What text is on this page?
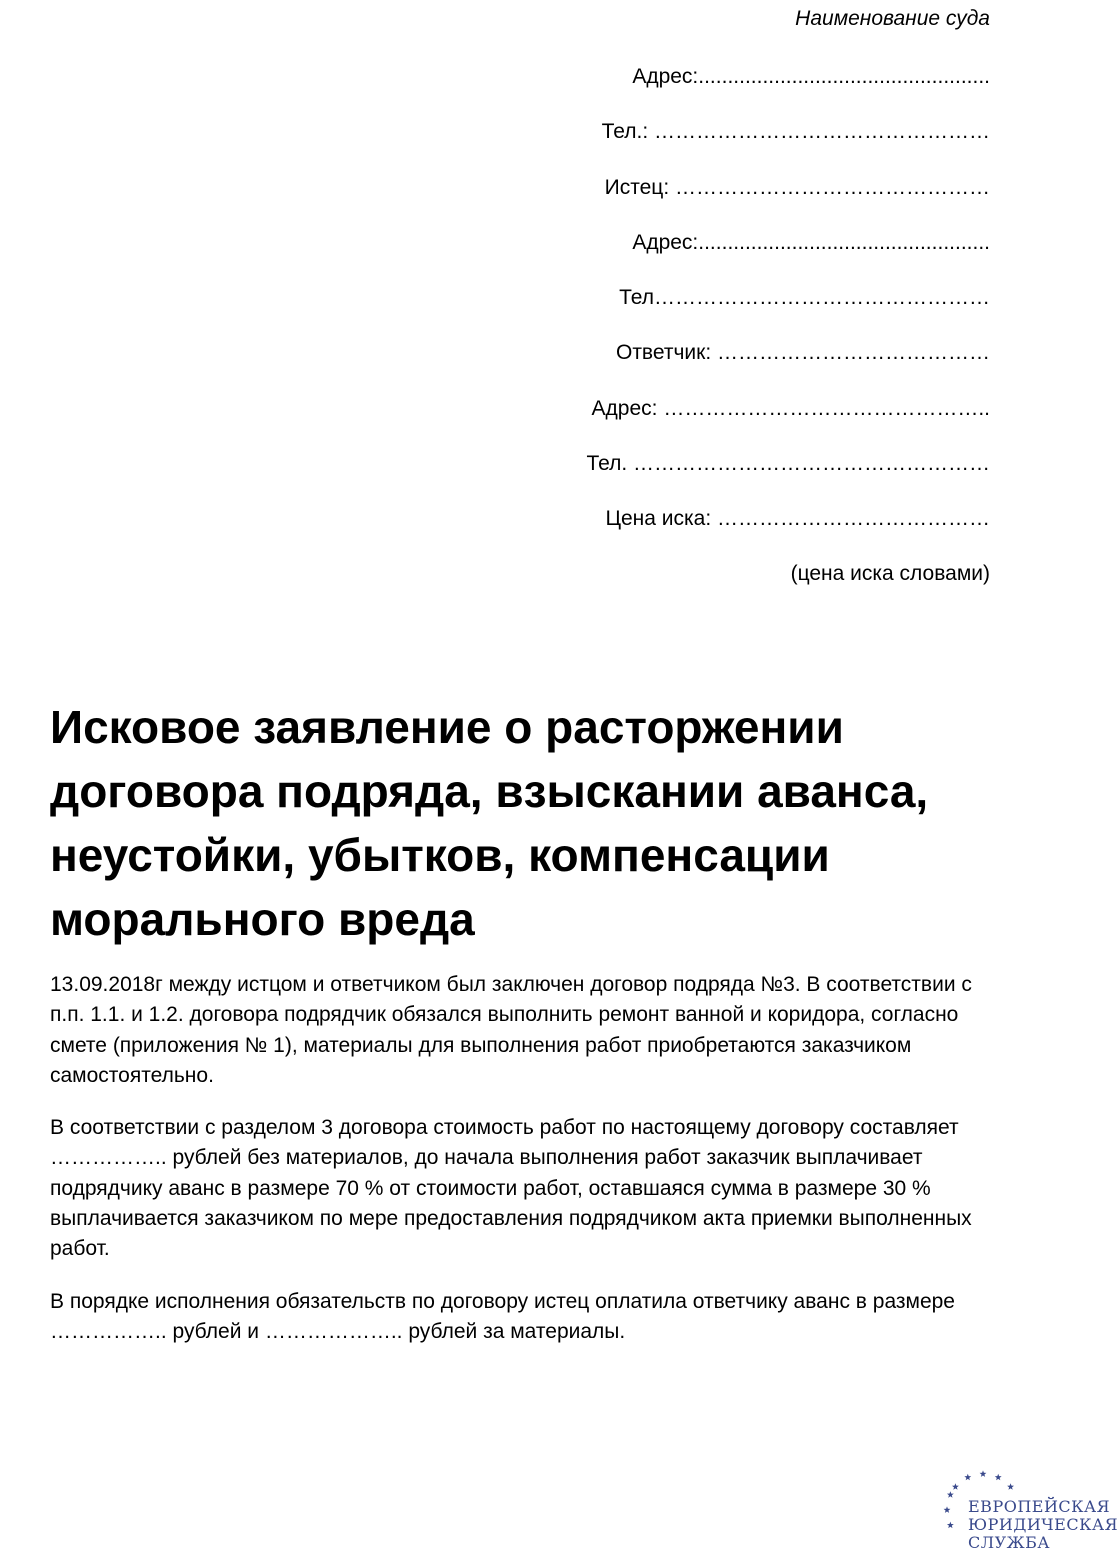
Наименование суда
Адрес:..................................................
Тел.: …………………………………………
Истец: ………………………………………
Адрес:..................................................
Тел…………………………………………
Ответчик: …………………………………
Адрес: ………………………………………..
Тел. ……………………………………………
Цена иска: …………………………………
(цена иска словами)
Исковое заявление о расторжении договора подряда, взыскании аванса, неустойки, убытков, компенсации морального вреда

13.09.2018г между истцом и ответчиком был заключен договор подряда №3. В соответствии с п.п. 1.1. и 1.2. договора подрядчик обязался выполнить ремонт ванной и коридора, согласно смете (приложения № 1), материалы для выполнения работ приобретаются заказчиком самостоятельно.

В соответствии с разделом 3 договора стоимость работ по настоящему договору составляет …………….. рублей без материалов, до начала выполнения работ заказчик выплачивает подрядчику аванс в размере 70 % от стоимости работ, оставшаяся сумма в размере 30 % выплачивается заказчиком по мере предоставления подрядчиком акта приемки выполненных работ.

В порядке исполнения обязательств по договору истец оплатила ответчику аванс в размере …………….. рублей и ……………….. рублей за материалы.

ЕВРОПЕЙСКАЯ
ЮРИДИЧЕСКАЯ
СЛУЖБА
